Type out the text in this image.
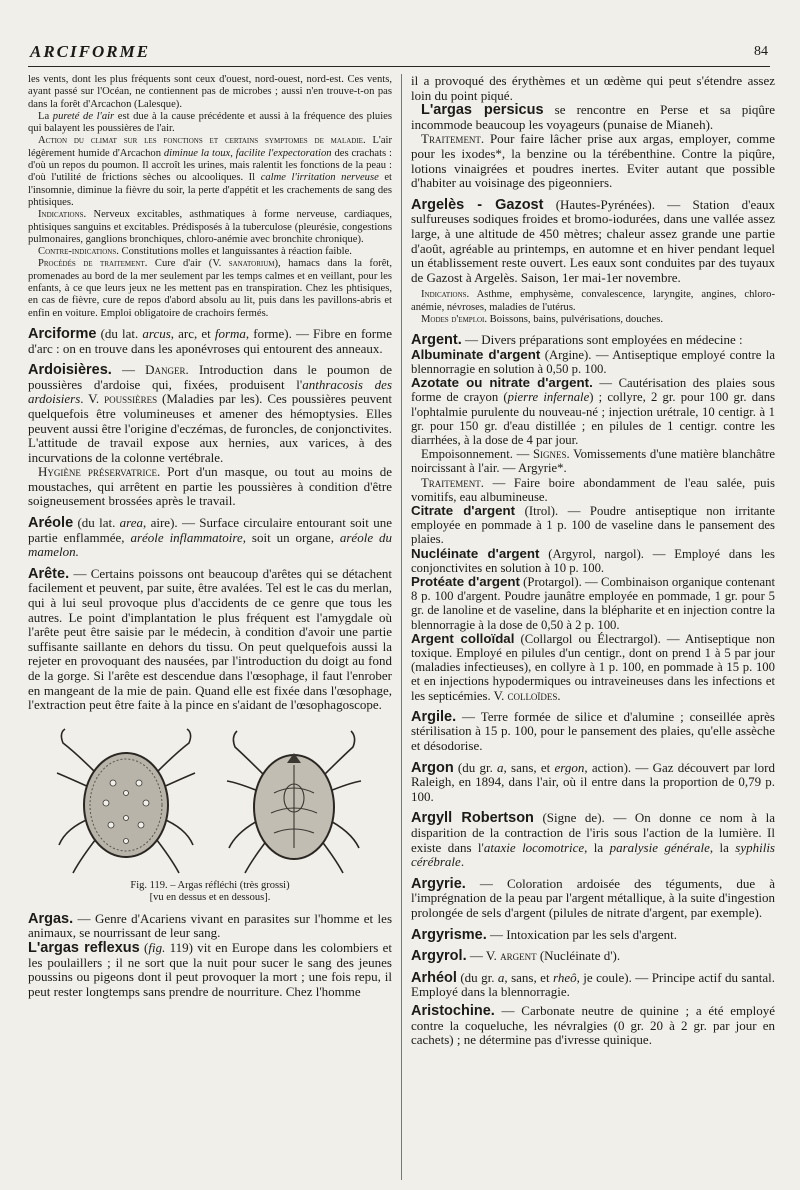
ARCIFORME	84

les vents, dont les plus fréquents sont ceux d'ouest, nord-ouest, nord-est. Ces vents, ayant passé sur l'Océan, ne contiennent pas de microbes ; aussi n'en trouve-t-on pas dans la forêt d'Arcachon (Lalesque).

La pureté de l'air est due à la cause précédente et aussi à la fréquence des pluies qui balayent les poussières de l'air.

Action du climat sur les fonctions et certains symptomes de maladie. L'air légèrement humide d'Arcachon diminue la toux, facilite l'expectoration des crachats : d'où un repos du poumon. Il accroît les urines, mais ralentit les fonctions de la peau : d'où l'utilité de frictions sèches ou alcooliques. Il calme l'irritation nerveuse et l'insomnie, diminue la fièvre du soir, la perte d'appétit et les crachements de sang des phtisiques.

Indications. Nerveux excitables, asthmatiques à forme nerveuse, cardiaques, phtisiques sanguins et excitables. Prédisposés à la tuberculose (pleurésie, congestions pulmonaires, ganglions bronchiques, chloro-anémie avec bronchite chronique).

Contre-indications. Constitutions molles et languissantes à réaction faible.

Procédés de traitement. Cure d'air (V. sanatorium), hamacs dans la forêt, promenades au bord de la mer seulement par les temps calmes et en veillant, pour les enfants, à ce que leurs jeux ne les mettent pas en transpiration. Chez les phtisiques, en cas de fièvre, cure de repos d'abord absolu au lit, puis dans les pavillons-abris et enfin en voiture. Emploi obligatoire de crachoirs fermés.

Arciforme (du lat. arcus, arc, et forma, forme). — Fibre en forme d'arc : on en trouve dans les aponévroses qui entourent des anneaux.

Ardoisières. — Danger. Introduction dans le poumon de poussières d'ardoise qui, fixées, produisent l'anthracosis des ardoisiers. V. poussières (Maladies par les). Ces poussières peuvent quelquefois être volumineuses et amener des hémoptysies. Elles peuvent aussi être l'origine d'eczémas, de furoncles, de conjonctivites. L'attitude de travail expose aux hernies, aux varices, à des incurvations de la colonne vertébrale.

Hygiène préservatrice. Port d'un masque, ou tout au moins de moustaches, qui arrêtent en partie les poussières à condition d'être soigneusement brossées après le travail.

Aréole (du lat. area, aire). — Surface circulaire entourant soit une partie enflammée, aréole inflammatoire, soit un organe, aréole du mamelon.

Arête. — Certains poissons ont beaucoup d'arêtes qui se détachent facilement et peuvent, par suite, être avalées. Tel est le cas du merlan, qui à lui seul provoque plus d'accidents de ce genre que tous les autres. Le point d'implantation le plus fréquent est l'amygdale où l'arête peut être saisie par le médecin, à condition d'avoir une partie suffisante saillante en dehors du tissu. On peut quelquefois aussi la rejeter en provoquant des nausées, par l'introduction du doigt au fond de la gorge. Si l'arête est descendue dans l'œsophage, il faut l'enrober en mangeant de la mie de pain. Quand elle est fixée dans l'œsophage, l'extraction peut être faite à la pince en s'aidant de l'œsophagoscope.

Fig. 119. – Argas réfléchi (très grossi)
[vu en dessus et en dessous].

Argas. — Genre d'Acariens vivant en parasites sur l'homme et les animaux, se nourrissant de leur sang.

L'argas reflexus (fig. 119) vit en Europe dans les colombiers et les poulaillers ; il ne sort que la nuit pour sucer le sang des jeunes poussins ou pigeons dont il peut provoquer la mort ; une fois repu, il peut rester longtemps sans prendre de nourriture. Chez l'homme

il a provoqué des érythèmes et un œdème qui peut s'étendre assez loin du point piqué.

L'argas persicus se rencontre en Perse et sa piqûre incommode beaucoup les voyageurs (punaise de Mianeh).

Traitement. Pour faire lâcher prise aux argas, employer, comme pour les ixodes*, la benzine ou la térébenthine. Contre la piqûre, lotions vinaigrées et poudres inertes. Eviter autant que possible d'habiter au voisinage des pigeonniers.

Argelès - Gazost (Hautes-Pyrénées). — Station d'eaux sulfureuses sodiques froides et bromo-iodurées, dans une vallée assez large, à une altitude de 450 mètres; chaleur assez grande une partie d'août, agréable au printemps, en automne et en hiver pendant lequel un établissement reste ouvert. Les eaux sont conduites par des tuyaux de Gazost à Argelès. Saison, 1er mai-1er novembre.

Indications. Asthme, emphysème, convalescence, laryngite, angines, chloro-anémie, névroses, maladies de l'utérus.

Modes d'emploi. Boissons, bains, pulvérisations, douches.

Argent. — Divers préparations sont employées en médecine :

Albuminate d'argent (Argine). — Antiseptique employé contre la blennorragie en solution à 0,50 p. 100.

Azotate ou nitrate d'argent. — Cautérisation des plaies sous forme de crayon (pierre infernale) ; collyre, 2 gr. pour 100 gr. dans l'ophtalmie purulente du nouveau-né ; injection urétrale, 10 centigr. à 1 gr. pour 150 gr. d'eau distillée ; en pilules de 1 centigr. contre les diarrhées, à la dose de 4 par jour.

Empoisonnement. — Signes. Vomissements d'une matière blanchâtre noircissant à l'air. — Argyrie*.

Traitement. — Faire boire abondamment de l'eau salée, puis vomitifs, eau albumineuse.

Citrate d'argent (Itrol). — Poudre antiseptique non irritante employée en pommade à 1 p. 100 de vaseline dans le pansement des plaies.

Nucléinate d'argent (Argyrol, nargol). — Employé dans les conjonctivites en solution à 10 p. 100.

Protéate d'argent (Protargol). — Combinaison organique contenant 8 p. 100 d'argent. Poudre jaunâtre employée en pommade, 1 gr. pour 5 gr. de lanoline et de vaseline, dans la blépharite et en injection contre la blennorragie à la dose de 0,50 à 2 p. 100.

Argent colloïdal (Collargol ou Électrargol). — Antiseptique non toxique. Employé en pilules d'un centigr., dont on prend 1 à 5 par jour (maladies infectieuses), en collyre à 1 p. 100, en pommade à 15 p. 100 et en injections hypodermiques ou intraveineuses dans les infections et les septicémies. V. colloïdes.

Argile. — Terre formée de silice et d'alumine ; conseillée après stérilisation à 15 p. 100, pour le pansement des plaies, qu'elle assèche et désodorise.

Argon (du gr. a, sans, et ergon, action). — Gaz découvert par lord Raleigh, en 1894, dans l'air, où il entre dans la proportion de 0,79 p. 100.

Argyll Robertson (Signe de). — On donne ce nom à la disparition de la contraction de l'iris sous l'action de la lumière. Il existe dans l'ataxie locomotrice, la paralysie générale, la syphilis cérébrale.

Argyrie. — Coloration ardoisée des téguments, due à l'imprégnation de la peau par l'argent métallique, à la suite d'ingestion prolongée de sels d'argent (pilules de nitrate d'argent, par exemple).

Argyrisme. — Intoxication par les sels d'argent.

Argyrol. — V. argent (Nucléinate d').

Arhéol (du gr. a, sans, et rheô, je coule). — Principe actif du santal. Employé dans la blennorragie.

Aristochine. — Carbonate neutre de quinine ; a été employé contre la coqueluche, les névralgies (0 gr. 20 à 2 gr. par jour en cachets) ; ne détermine pas d'ivresse quinique.
